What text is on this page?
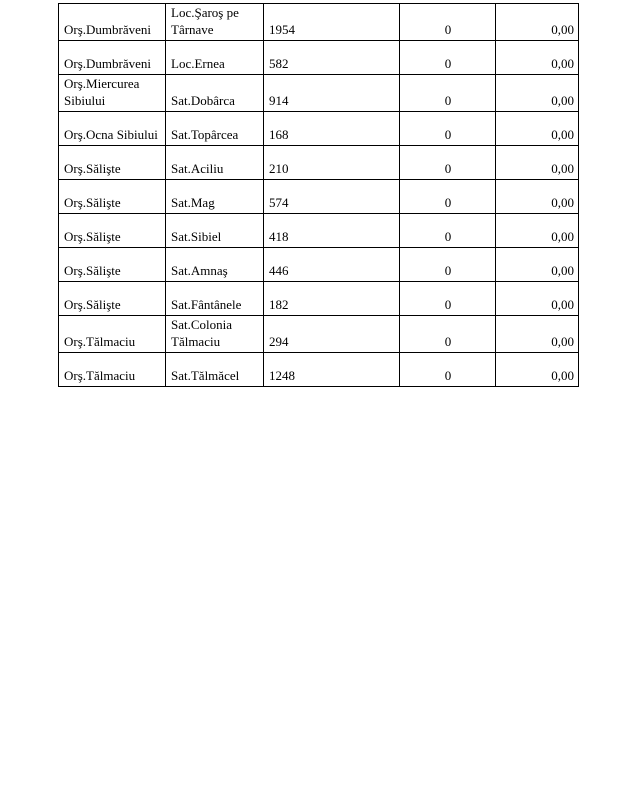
Orş.Dumbrăveni	Loc.Şaroş pe Târnave	1954	0	0,00
Orş.Dumbrăveni	Loc.Ernea	582	0	0,00
Orş.Miercurea Sibiului	Sat.Dobârca	914	0	0,00
Orş.Ocna Sibiului	Sat.Topârcea	168	0	0,00
Orş.Sălişte	Sat.Aciliu	210	0	0,00
Orş.Sălişte	Sat.Mag	574	0	0,00
Orş.Sălişte	Sat.Sibiel	418	0	0,00
Orş.Sălişte	Sat.Amnaş	446	0	0,00
Orş.Sălişte	Sat.Fântânele	182	0	0,00
Orş.Tălmaciu	Sat.Colonia Tălmaciu	294	0	0,00
Orş.Tălmaciu	Sat.Tălmăcel	1248	0	0,00
